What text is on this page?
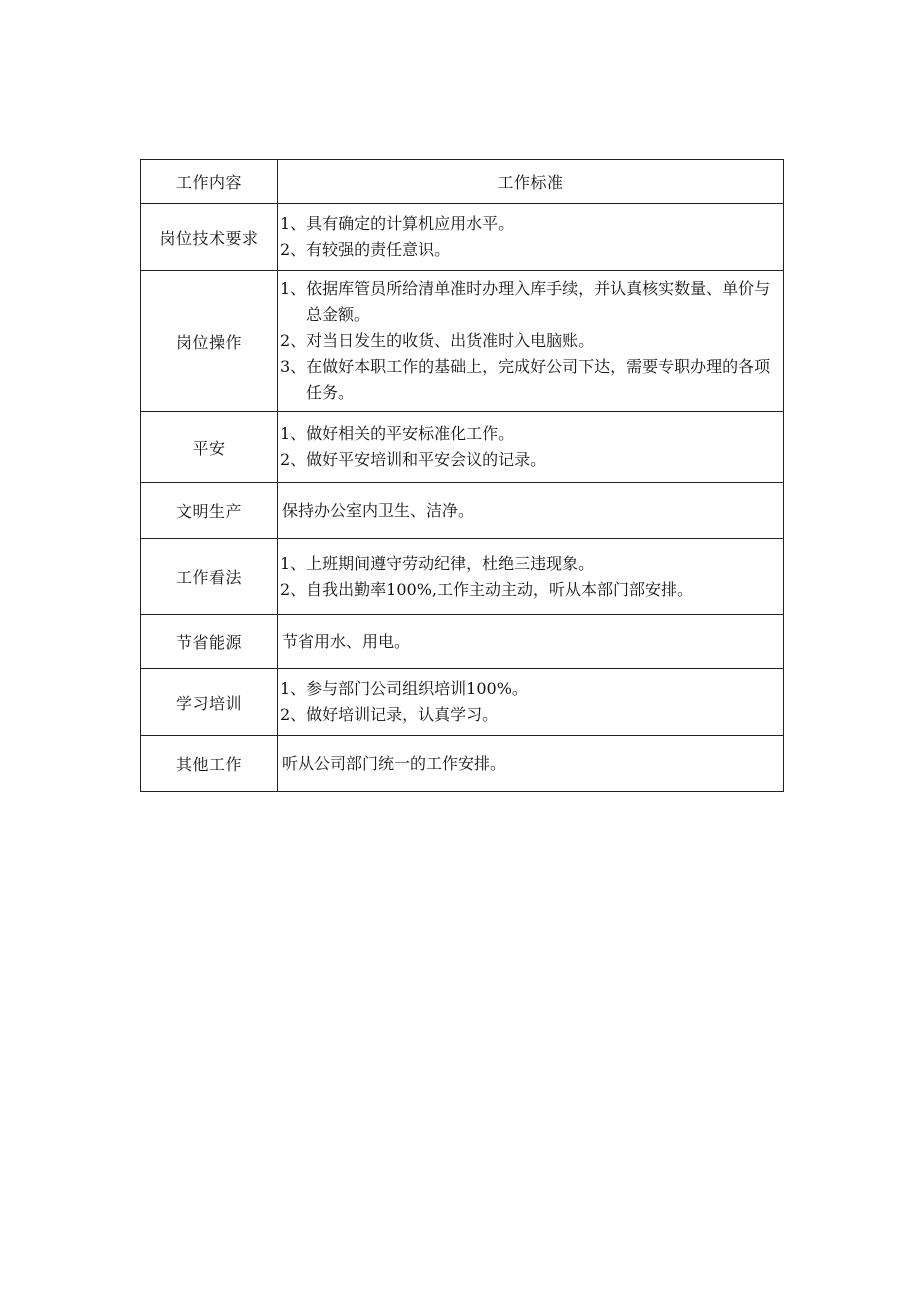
工作内容	工作标准
岗位技术要求	1、具有确定的计算机应用水平。
2、有较强的责任意识。

岗位操作	1、依据库管员所给清单准时办理入库手续，并认真核实数量、单价与总金额。
2、对当日发生的收货、出货准时入电脑账。
3、在做好本职工作的基础上，完成好公司下达，需要专职办理的各项任务。

平安	1、做好相关的平安标准化工作。
2、做好平安培训和平安会议的记录。

文明生产	保持办公室内卫生、洁净。

工作看法	1、上班期间遵守劳动纪律，杜绝三违现象。
2、自我出勤率100%,工作主动主动，听从本部门部安排。

节省能源	节省用水、用电。

学习培训	1、参与部门公司组织培训100%。
2、做好培训记录，认真学习。

其他工作	听从公司部门统一的工作安排。
